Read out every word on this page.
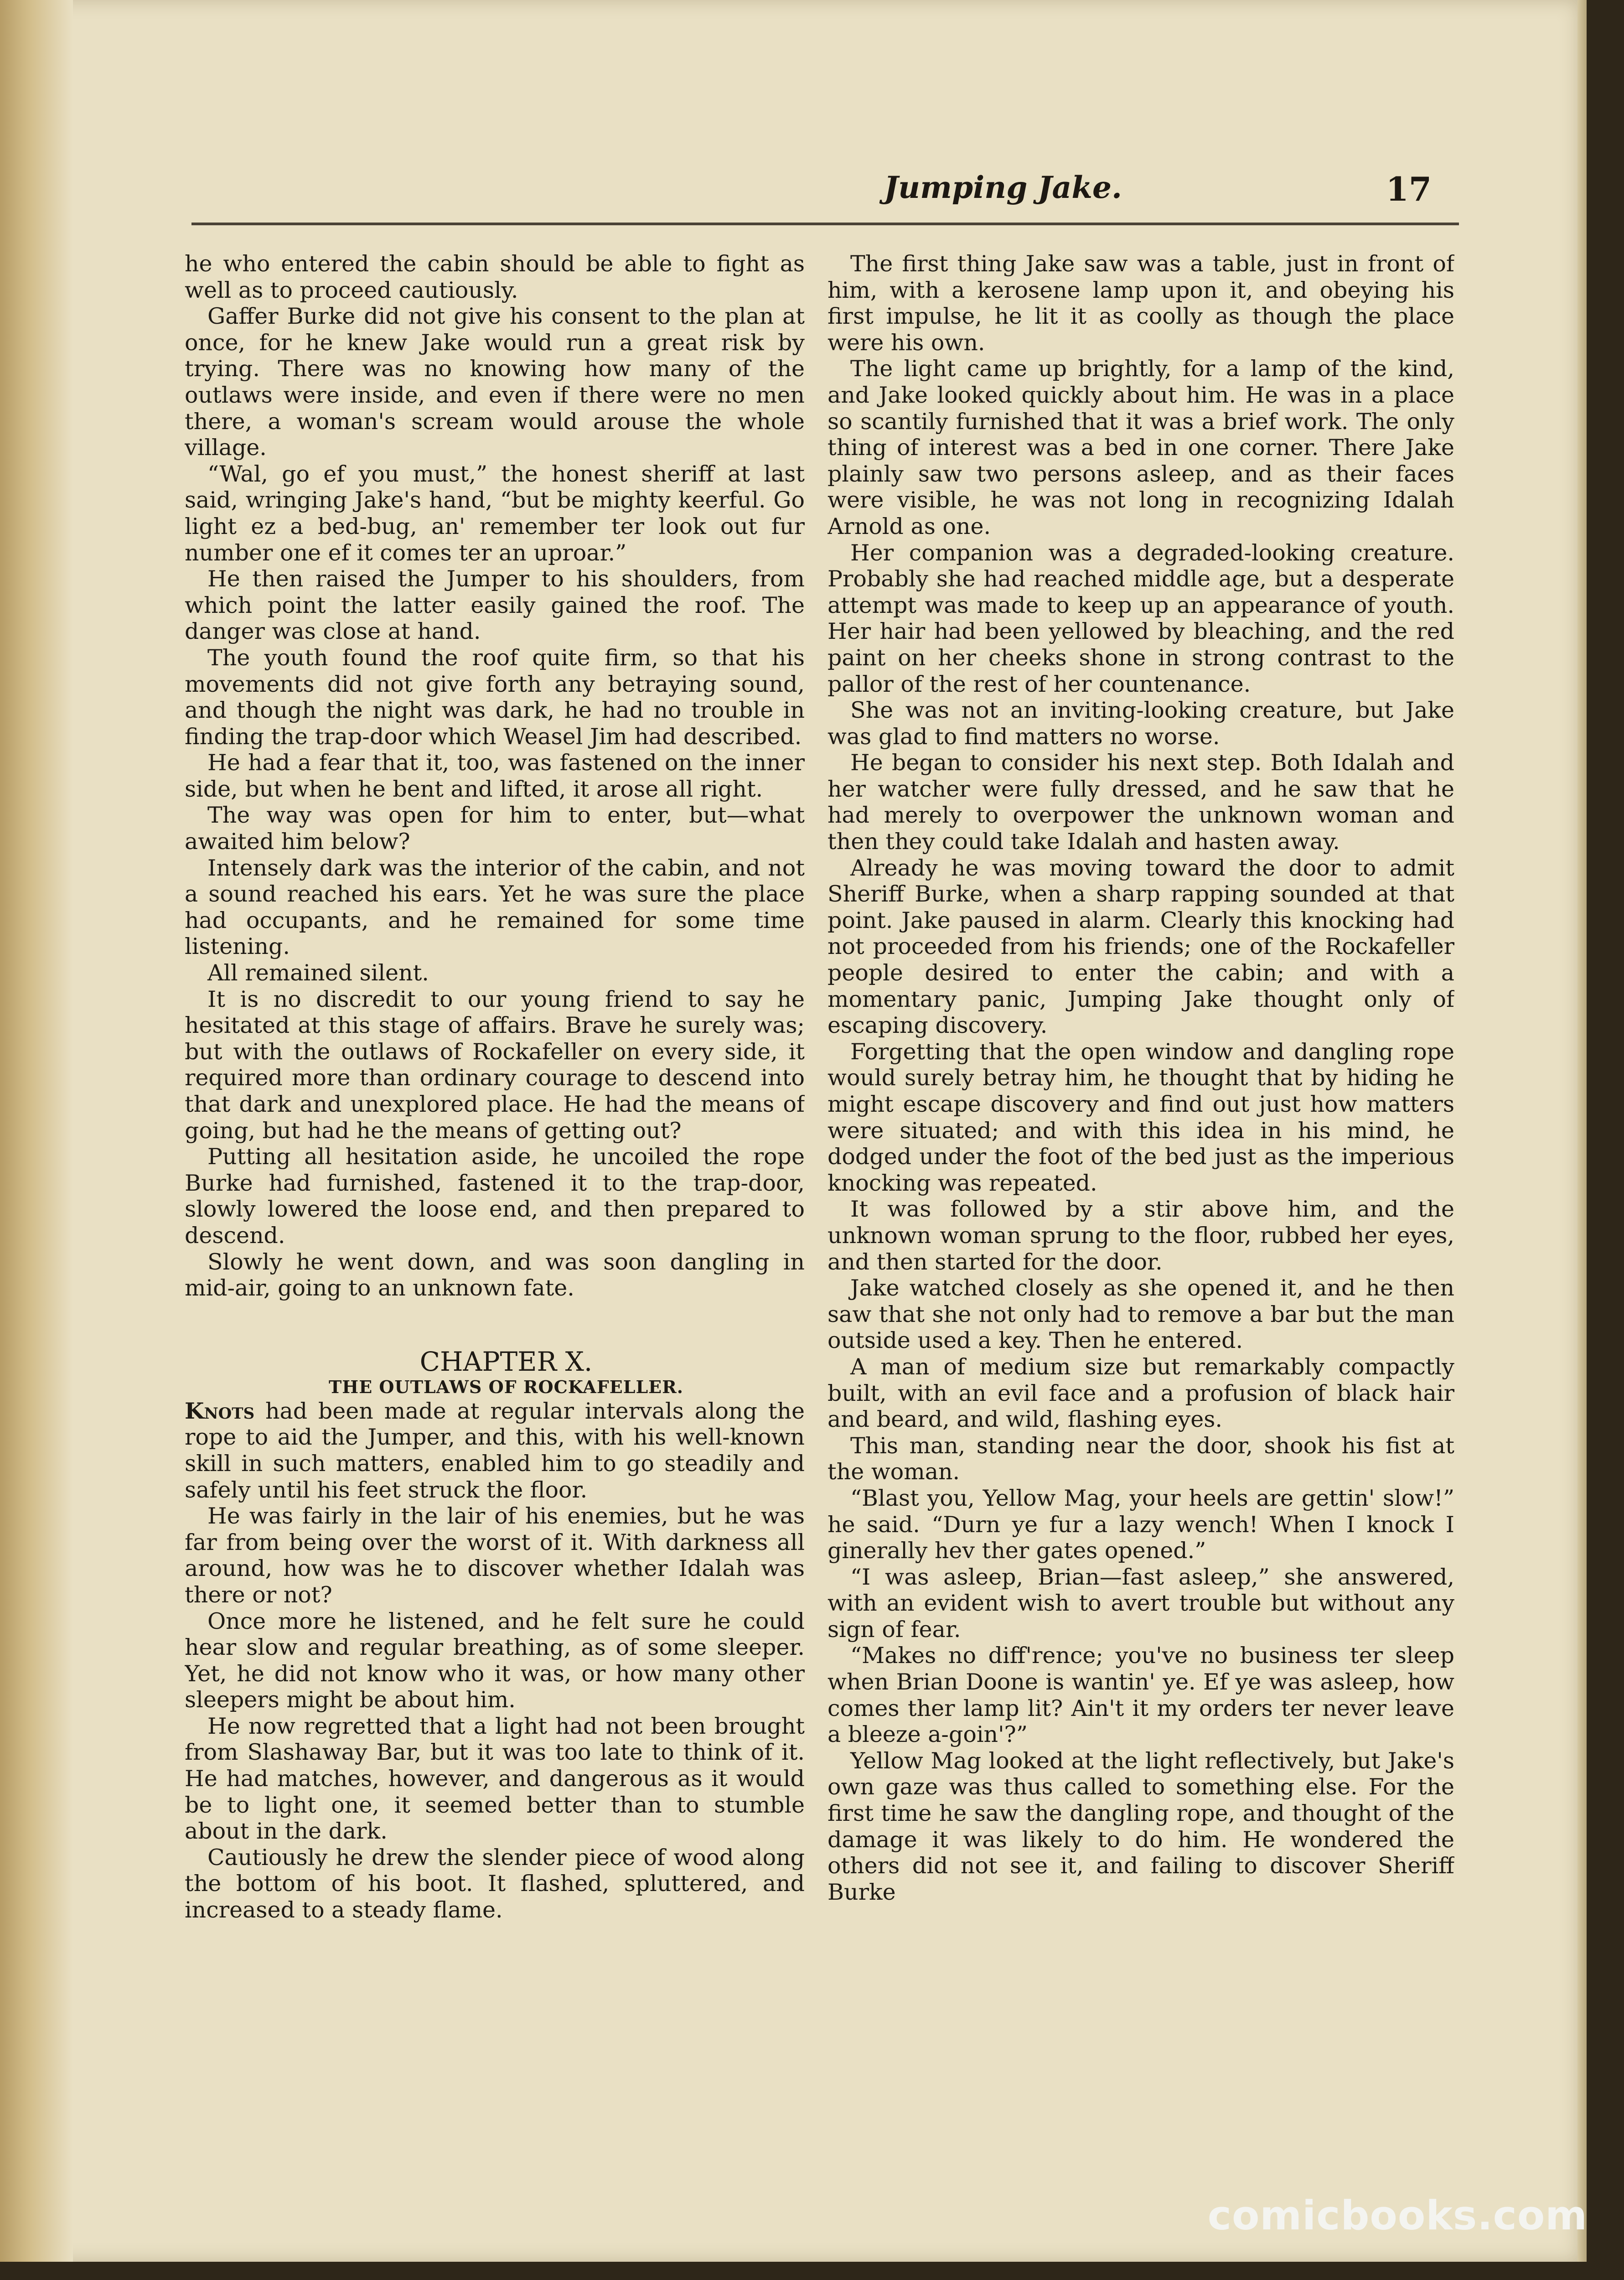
Jumping Jake.	17

he who entered the cabin should be able to fight as well as to proceed cautiously.

Gaffer Burke did not give his consent to the plan at once, for he knew Jake would run a great risk by trying. There was no knowing how many of the outlaws were inside, and even if there were no men there, a woman's scream would arouse the whole village.

“Wal, go ef you must,” the honest sheriff at last said, wringing Jake's hand, “but be mighty keerful. Go light ez a bed-bug, an' remember ter look out fur number one ef it comes ter an uproar.”

He then raised the Jumper to his shoulders, from which point the latter easily gained the roof. The danger was close at hand.

The youth found the roof quite firm, so that his movements did not give forth any betraying sound, and though the night was dark, he had no trouble in finding the trap-door which Weasel Jim had described.

He had a fear that it, too, was fastened on the inner side, but when he bent and lifted, it arose all right.

The way was open for him to enter, but—what awaited him below?

Intensely dark was the interior of the cabin, and not a sound reached his ears. Yet he was sure the place had occupants, and he remained for some time listening.

All remained silent.

It is no discredit to our young friend to say he hesitated at this stage of affairs. Brave he surely was; but with the outlaws of Rockafeller on every side, it required more than ordinary courage to descend into that dark and unexplored place. He had the means of going, but had he the means of getting out?

Putting all hesitation aside, he uncoiled the rope Burke had furnished, fastened it to the trap-door, slowly lowered the loose end, and then prepared to descend.

Slowly he went down, and was soon dangling in mid-air, going to an unknown fate.

CHAPTER X.

THE OUTLAWS OF ROCKAFELLER.

Knots had been made at regular intervals along the rope to aid the Jumper, and this, with his well-known skill in such matters, enabled him to go steadily and safely until his feet struck the floor.

He was fairly in the lair of his enemies, but he was far from being over the worst of it. With darkness all around, how was he to discover whether Idalah was there or not?

Once more he listened, and he felt sure he could hear slow and regular breathing, as of some sleeper. Yet, he did not know who it was, or how many other sleepers might be about him.

He now regretted that a light had not been brought from Slashaway Bar, but it was too late to think of it. He had matches, however, and dangerous as it would be to light one, it seemed better than to stumble about in the dark.

Cautiously he drew the slender piece of wood along the bottom of his boot. It flashed, spluttered, and increased to a steady flame.

The first thing Jake saw was a table, just in front of him, with a kerosene lamp upon it, and obeying his first impulse, he lit it as coolly as though the place were his own.

The light came up brightly, for a lamp of the kind, and Jake looked quickly about him. He was in a place so scantily furnished that it was a brief work. The only thing of interest was a bed in one corner. There Jake plainly saw two persons asleep, and as their faces were visible, he was not long in recognizing Idalah Arnold as one.

Her companion was a degraded-looking creature. Probably she had reached middle age, but a desperate attempt was made to keep up an appearance of youth. Her hair had been yellowed by bleaching, and the red paint on her cheeks shone in strong contrast to the pallor of the rest of her countenance.

She was not an inviting-looking creature, but Jake was glad to find matters no worse.

He began to consider his next step. Both Idalah and her watcher were fully dressed, and he saw that he had merely to overpower the unknown woman and then they could take Idalah and hasten away.

Already he was moving toward the door to admit Sheriff Burke, when a sharp rapping sounded at that point. Jake paused in alarm. Clearly this knocking had not proceeded from his friends; one of the Rockafeller people desired to enter the cabin; and with a momentary panic, Jumping Jake thought only of escaping discovery.

Forgetting that the open window and dangling rope would surely betray him, he thought that by hiding he might escape discovery and find out just how matters were situated; and with this idea in his mind, he dodged under the foot of the bed just as the imperious knocking was repeated.

It was followed by a stir above him, and the unknown woman sprung to the floor, rubbed her eyes, and then started for the door.

Jake watched closely as she opened it, and he then saw that she not only had to remove a bar but the man outside used a key. Then he entered.

A man of medium size but remarkably compactly built, with an evil face and a profusion of black hair and beard, and wild, flashing eyes.

This man, standing near the door, shook his fist at the woman.

“Blast you, Yellow Mag, your heels are gettin' slow!” he said. “Durn ye fur a lazy wench! When I knock I ginerally hev ther gates opened.”

“I was asleep, Brian—fast asleep,” she answered, with an evident wish to avert trouble but without any sign of fear.

“Makes no diff'rence; you've no business ter sleep when Brian Doone is wantin' ye. Ef ye was asleep, how comes ther lamp lit? Ain't it my orders ter never leave a bleeze a-goin'?”

Yellow Mag looked at the light reflectively, but Jake's own gaze was thus called to something else. For the first time he saw the dangling rope, and thought of the damage it was likely to do him. He wondered the others did not see it, and failing to discover Sheriff Burke

comicbooks.com
